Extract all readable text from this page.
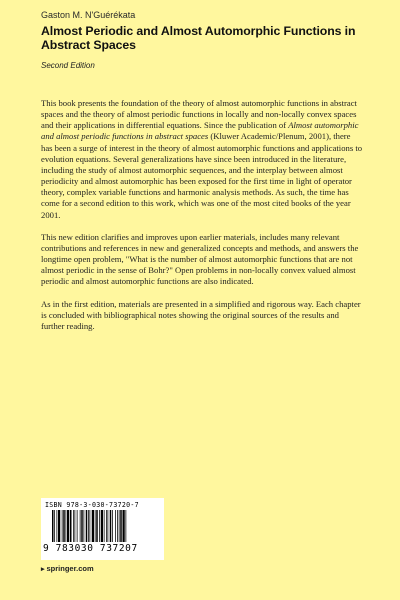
Gaston M. N'Guérékata
Almost Periodic and Almost Automorphic Functions in Abstract Spaces
Second Edition

This book presents the foundation of the theory of almost automorphic functions in abstract spaces and the theory of almost periodic functions in locally and non-locally convex spaces and their applications in differential equations. Since the publication of Almost automorphic and almost periodic functions in abstract spaces (Kluwer Academic/Plenum, 2001), there has been a surge of interest in the theory of almost automorphic functions and applications to evolution equations. Several generalizations have since been introduced in the literature, including the study of almost automorphic sequences, and the interplay between almost periodicity and almost automorphic has been exposed for the first time in light of operator theory, complex variable functions and harmonic analysis methods. As such, the time has come for a second edition to this work, which was one of the most cited books of the year 2001.

This new edition clarifies and improves upon earlier materials, includes many relevant contributions and references in new and generalized concepts and methods, and answers the longtime open problem, "What is the number of almost automorphic functions that are not almost periodic in the sense of Bohr?" Open problems in non-locally convex valued almost periodic and almost automorphic functions are also indicated.

As in the first edition, materials are presented in a simplified and rigorous way. Each chapter is concluded with bibliographical notes showing the original sources of the results and further reading.

ISBN 978-3-030-73720-7
9 783030 737207
▸ springer.com
